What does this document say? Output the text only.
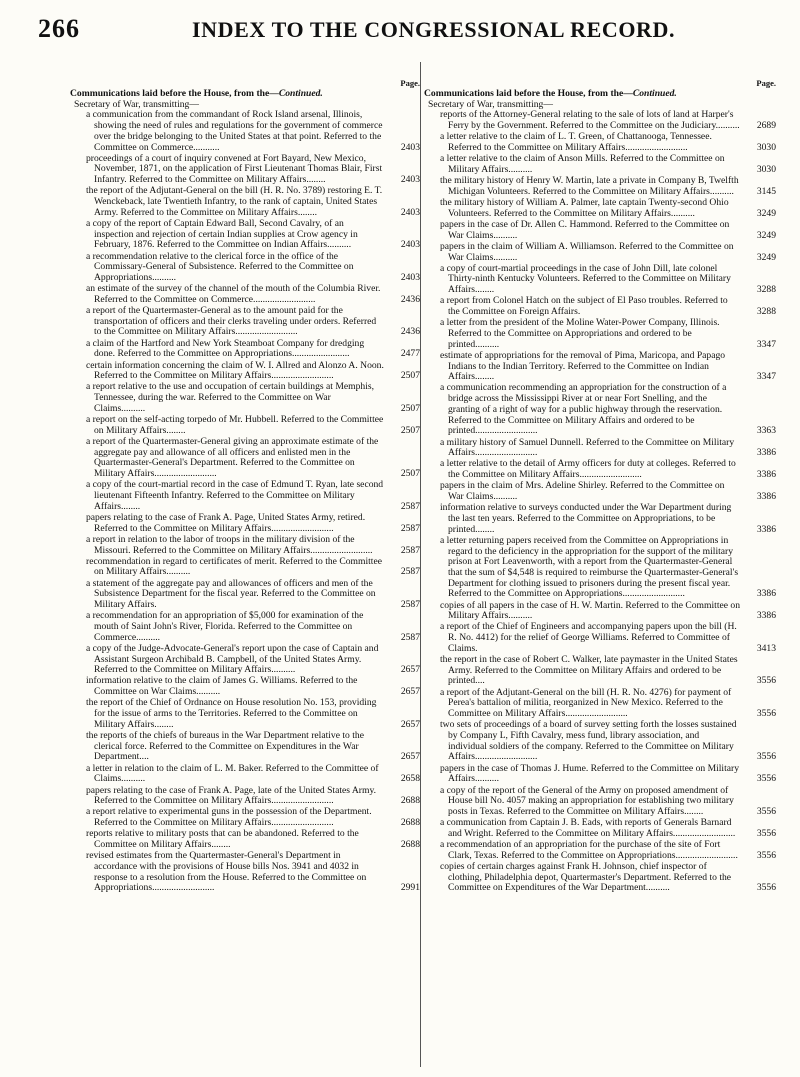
266	INDEX TO THE CONGRESSIONAL RECORD.
Page.
Communications laid before the House, from the—Continued.
Secretary of War, transmitting—
a communication from the commandant of Rock Island arsenal, Illinois, showing the need of rules and regulations for the government of commerce over the bridge belonging to the United States at that point. Referred to the Committee on Commerce...........	2403
proceedings of a court of inquiry convened at Fort Bayard, New Mexico, November, 1871, on the application of First Lieutenant Thomas Blair, First Infantry. Referred to the Committee on Military Affairs........	2403
the report of the Adjutant-General on the bill (H. R. No. 3789) restoring E. T. Wenckeback, late Twentieth Infantry, to the rank of captain, United States Army. Referred to the Committee on Military Affairs........	2403
a copy of the report of Captain Edward Ball, Second Cavalry, of an inspection and rejection of certain Indian supplies at Crow agency in February, 1876. Referred to the Committee on Indian Affairs..........	2403
a recommendation relative to the clerical force in the office of the Commissary-General of Subsistence. Referred to the Committee on Appropriations..........	2403
an estimate of the survey of the channel of the mouth of the Columbia River. Referred to the Committee on Commerce..........................	2436
a report of the Quartermaster-General as to the amount paid for the transportation of officers and their clerks traveling under orders. Referred to the Committee on Military Affairs..........................	2436
a claim of the Hartford and New York Steamboat Company for dredging done. Referred to the Committee on Appropriations........................	2477
certain information concerning the claim of W. I. Allred and Alonzo A. Noon. Referred to the Committee on Military Affairs..........................	2507
a report relative to the use and occupation of certain buildings at Memphis, Tennessee, during the war. Referred to the Committee on War Claims..........	2507
a report on the self-acting torpedo of Mr. Hubbell. Referred to the Committee on Military Affairs........	2507
a report of the Quartermaster-General giving an approximate estimate of the aggregate pay and allowance of all officers and enlisted men in the Quartermaster-General's Department. Referred to the Committee on Military Affairs..........................	2507
a copy of the court-martial record in the case of Edmund T. Ryan, late second lieutenant Fifteenth Infantry. Referred to the Committee on Military Affairs........	2587
papers relating to the case of Frank A. Page, United States Army, retired. Referred to the Committee on Military Affairs..........................	2587
a report in relation to the labor of troops in the military division of the Missouri. Referred to the Committee on Military Affairs..........................	2587
recommendation in regard to certificates of merit. Referred to the Committee on Military Affairs..........	2587
a statement of the aggregate pay and allowances of officers and men of the Subsistence Department for the fiscal year. Referred to the Committee on Military Affairs.	2587
a recommendation for an appropriation of $5,000 for examination of the mouth of Saint John's River, Florida. Referred to the Committee on Commerce..........	2587
a copy of the Judge-Advocate-General's report upon the case of Captain and Assistant Surgeon Archibald B. Campbell, of the United States Army. Referred to the Committee on Military Affairs..........	2657
information relative to the claim of James G. Williams. Referred to the Committee on War Claims..........	2657
the report of the Chief of Ordnance on House resolution No. 153, providing for the issue of arms to the Territories. Referred to the Committee on Military Affairs........	2657
the reports of the chiefs of bureaus in the War Department relative to the clerical force. Referred to the Committee on Expenditures in the War Department....	2657
a letter in relation to the claim of L. M. Baker. Referred to the Committee of Claims..........	2658
papers relating to the case of Frank A. Page, late of the United States Army. Referred to the Committee on Military Affairs..........................	2688
a report relative to experimental guns in the possession of the Department. Referred to the Committee on Military Affairs..........................	2688
reports relative to military posts that can be abandoned. Referred to the Committee on Military Affairs........	2688
revised estimates from the Quartermaster-General's Department in accordance with the provisions of House bills Nos. 3941 and 4032 in response to a resolution from the House. Referred to the Committee on Appropriations..........................	2991
Page.
Communications laid before the House, from the—Continued.
Secretary of War, transmitting—
reports of the Attorney-General relating to the sale of lots of land at Harper's Ferry by the Government. Referred to the Committee on the Judiciary.......... 2689
a letter relative to the claim of L. T. Green, of Chattanooga, Tennessee. Referred to the Committee on Military Affairs..........................	3030
a letter relative to the claim of Anson Mills. Referred to the Committee on Military Affairs..........	3030
the military history of Henry W. Martin, late a private in Company B, Twelfth Michigan Volunteers. Referred to the Committee on Military Affairs.......... 3145
the military history of William A. Palmer, late captain Twenty-second Ohio Volunteers. Referred to the Committee on Military Affairs..........	3249
papers in the case of Dr. Allen C. Hammond. Referred to the Committee on War Claims..........	3249
papers in the claim of William A. Williamson. Referred to the Committee on War Claims..........	3249
a copy of court-martial proceedings in the case of John Dill, late colonel Thirty-ninth Kentucky Volunteers. Referred to the Committee on Military Affairs........	3288
a report from Colonel Hatch on the subject of El Paso troubles. Referred to the Committee on Foreign Affairs.	3288
a letter from the president of the Moline Water-Power Company, Illinois. Referred to the Committee on Appropriations and ordered to be printed..........	3347
estimate of appropriations for the removal of Pima, Maricopa, and Papago Indians to the Indian Territory. Referred to the Committee on Indian Affairs........	3347
a communication recommending an appropriation for the construction of a bridge across the Mississippi River at or near Fort Snelling, and the granting of a right of way for a public highway through the reservation. Referred to the Committee on Military Affairs and ordered to be printed..........................	3363
a military history of Samuel Dunnell. Referred to the Committee on Military Affairs..........................	3386
a letter relative to the detail of Army officers for duty at colleges. Referred to the Committee on Military Affairs..........................	3386
papers in the claim of Mrs. Adeline Shirley. Referred to the Committee on War Claims..........	3386
information relative to surveys conducted under the War Department during the last ten years. Referred to the Committee on Appropriations, to be printed........	3386
a letter returning papers received from the Committee on Appropriations in regard to the deficiency in the appropriation for the support of the military prison at Fort Leavenworth, with a report from the Quartermaster-General that the sum of $4,548 is required to reimburse the Quartermaster-General's Department for clothing issued to prisoners during the present fiscal year. Referred to the Committee on Appropriations..........................	3386
copies of all papers in the case of H. W. Martin. Referred to the Committee on Military Affairs..........	3386
a report of the Chief of Engineers and accompanying papers upon the bill (H. R. No. 4412) for the relief of George Williams. Referred to Committee of Claims.	3413
the report in the case of Robert C. Walker, late paymaster in the United States Army. Referred to the Committee on Military Affairs and ordered to be printed....	3556
a report of the Adjutant-General on the bill (H. R. No. 4276) for payment of Perea's battalion of militia, reorganized in New Mexico. Referred to the Committee on Military Affairs..........................	3556
two sets of proceedings of a board of survey setting forth the losses sustained by Company L, Fifth Cavalry, mess fund, library association, and individual soldiers of the company. Referred to the Committee on Military Affairs..........................	3556
papers in the case of Thomas J. Hume. Referred to the Committee on Military Affairs..........	3556
a copy of the report of the General of the Army on proposed amendment of House bill No. 4057 making an appropriation for establishing two military posts in Texas. Referred to the Committee on Military Affairs........	3556
a communication from Captain J. B. Eads, with reports of Generals Barnard and Wright. Referred to the Committee on Military Affairs.......................... 3556
a recommendation of an appropriation for the purchase of the site of Fort Clark, Texas. Referred to the Committee on Appropriations.......................... 3556
copies of certain charges against Frank H. Johnson, chief inspector of clothing, Philadelphia depot, Quartermaster's Department. Referred to the Committee on Expenditures of the War Department..........	3556
